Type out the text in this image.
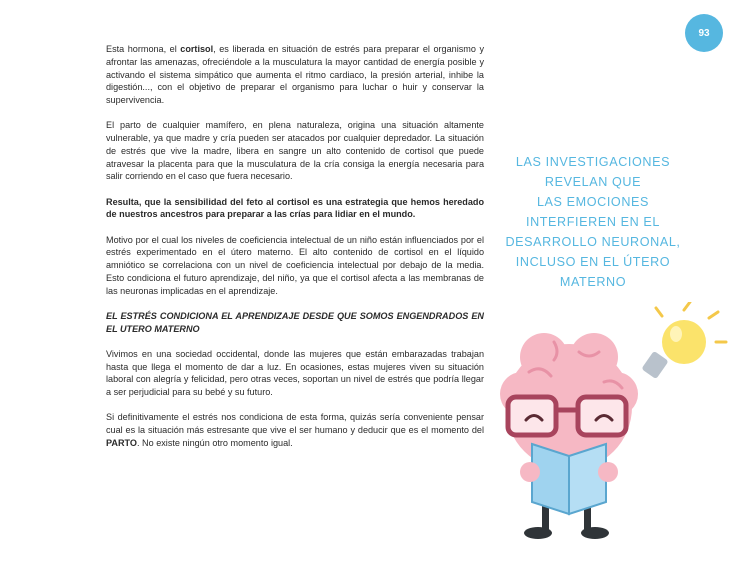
93

Esta hormona, el cortisol, es liberada en situación de estrés para preparar el organismo y afrontar las amenazas, ofreciéndole a la musculatura la mayor cantidad de energía posible y activando el sistema simpático que aumenta el ritmo cardiaco, la presión arterial, inhibe la digestión..., con el objetivo de preparar el organismo para luchar o huir y conservar la supervivencia.

El parto de cualquier mamífero, en plena naturaleza, origina una situación altamente vulnerable, ya que madre y cría pueden ser atacados por cualquier depredador. La situación de estrés que vive la madre, libera en sangre un alto contenido de cortisol que puede atravesar la placenta para que la musculatura de la cría consiga la energía necesaria para salir corriendo en el caso que fuera necesario.

Resulta, que la sensibilidad del feto al cortisol es una estrategia que hemos heredado de nuestros ancestros para preparar a las crías para lidiar en el mundo.

Motivo por el cual los niveles de coeficiencia intelectual de un niño están influenciados por el estrés experimentado en el útero materno. El alto contenido de cortisol en el líquido amniótico se correlaciona con un nivel de coeficiencia intelectual por debajo de la media. Esto condiciona el futuro aprendizaje, del niño, ya que el cortisol afecta a las membranas de las neuronas implicadas en el aprendizaje.

EL ESTRÉS CONDICIONA EL APRENDIZAJE DESDE QUE SOMOS ENGENDRADOS EN EL UTERO MATERNO

Vivimos en una sociedad occidental, donde las mujeres que están embarazadas trabajan hasta que llega el momento de dar a luz. En ocasiones, estas mujeres viven su situación laboral con alegría y felicidad, pero otras veces, soportan un nivel de estrés que podría llegar a ser perjudicial para su bebé y su futuro.

Si definitivamente el estrés nos condiciona de esta forma, quizás sería conveniente pensar cual es la situación más estresante que vive el ser humano y deducir que es el momento del PARTO. No existe ningún otro momento igual.

LAS INVESTIGACIONES
REVELAN QUE
LAS EMOCIONES
INTERFIEREN EN EL
DESARROLLO NEURONAL,
INCLUSO EN EL ÚTERO
MATERNO
